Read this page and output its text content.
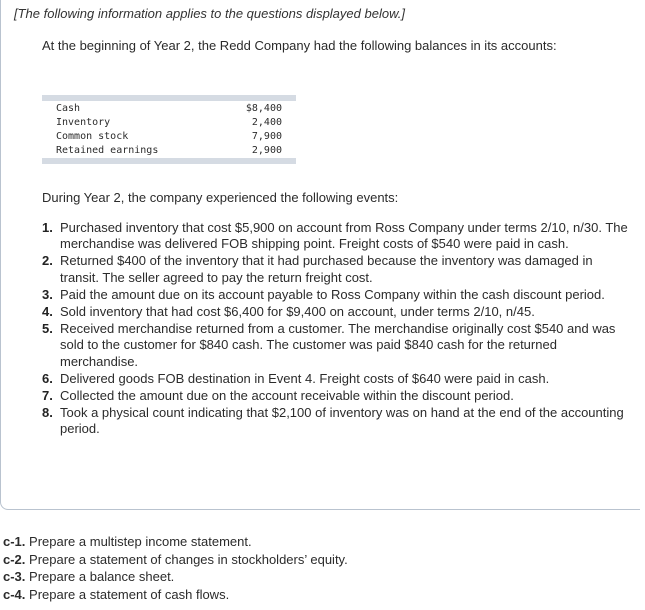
[The following information applies to the questions displayed below.]
At the beginning of Year 2, the Redd Company had the following balances in its accounts:
Cash	$8,400
Inventory	2,400
Common stock	7,900
Retained earnings	2,900
During Year 2, the company experienced the following events:
1. Purchased inventory that cost $5,900 on account from Ross Company under terms 2/10, n/30. The merchandise was delivered FOB shipping point. Freight costs of $540 were paid in cash.
2. Returned $400 of the inventory that it had purchased because the inventory was damaged in transit. The seller agreed to pay the return freight cost.
3. Paid the amount due on its account payable to Ross Company within the cash discount period.
4. Sold inventory that had cost $6,400 for $9,400 on account, under terms 2/10, n/45.
5. Received merchandise returned from a customer. The merchandise originally cost $540 and was sold to the customer for $840 cash. The customer was paid $840 cash for the returned merchandise.
6. Delivered goods FOB destination in Event 4. Freight costs of $640 were paid in cash.
7. Collected the amount due on the account receivable within the discount period.
8. Took a physical count indicating that $2,100 of inventory was on hand at the end of the accounting period.
c-1. Prepare a multistep income statement.
c-2. Prepare a statement of changes in stockholders’ equity.
c-3. Prepare a balance sheet.
c-4. Prepare a statement of cash flows.
